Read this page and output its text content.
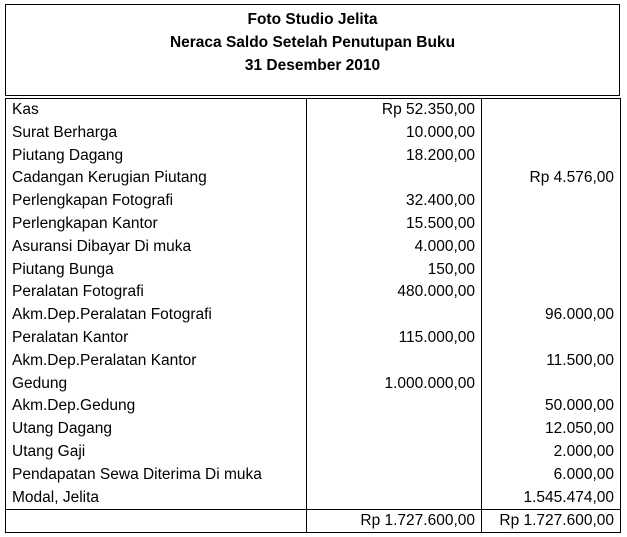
Foto Studio Jelita
Neraca Saldo Setelah Penutupan Buku
31 Desember 2010
Kas	Rp 52.350,00	
Surat Berharga	10.000,00	
Piutang Dagang	18.200,00	
Cadangan Kerugian Piutang		Rp 4.576,00
Perlengkapan Fotografi	32.400,00	
Perlengkapan Kantor	15.500,00	
Asuransi Dibayar Di muka	4.000,00	
Piutang Bunga	150,00	
Peralatan Fotografi	480.000,00	
Akm.Dep.Peralatan Fotografi		96.000,00
Peralatan Kantor	115.000,00	
Akm.Dep.Peralatan Kantor		11.500,00
Gedung	1.000.000,00	
Akm.Dep.Gedung		50.000,00
Utang Dagang		12.050,00
Utang Gaji		2.000,00
Pendapatan Sewa Diterima Di muka		6.000,00
Modal, Jelita		1.545.474,00
	Rp 1.727.600,00	Rp 1.727.600,00
